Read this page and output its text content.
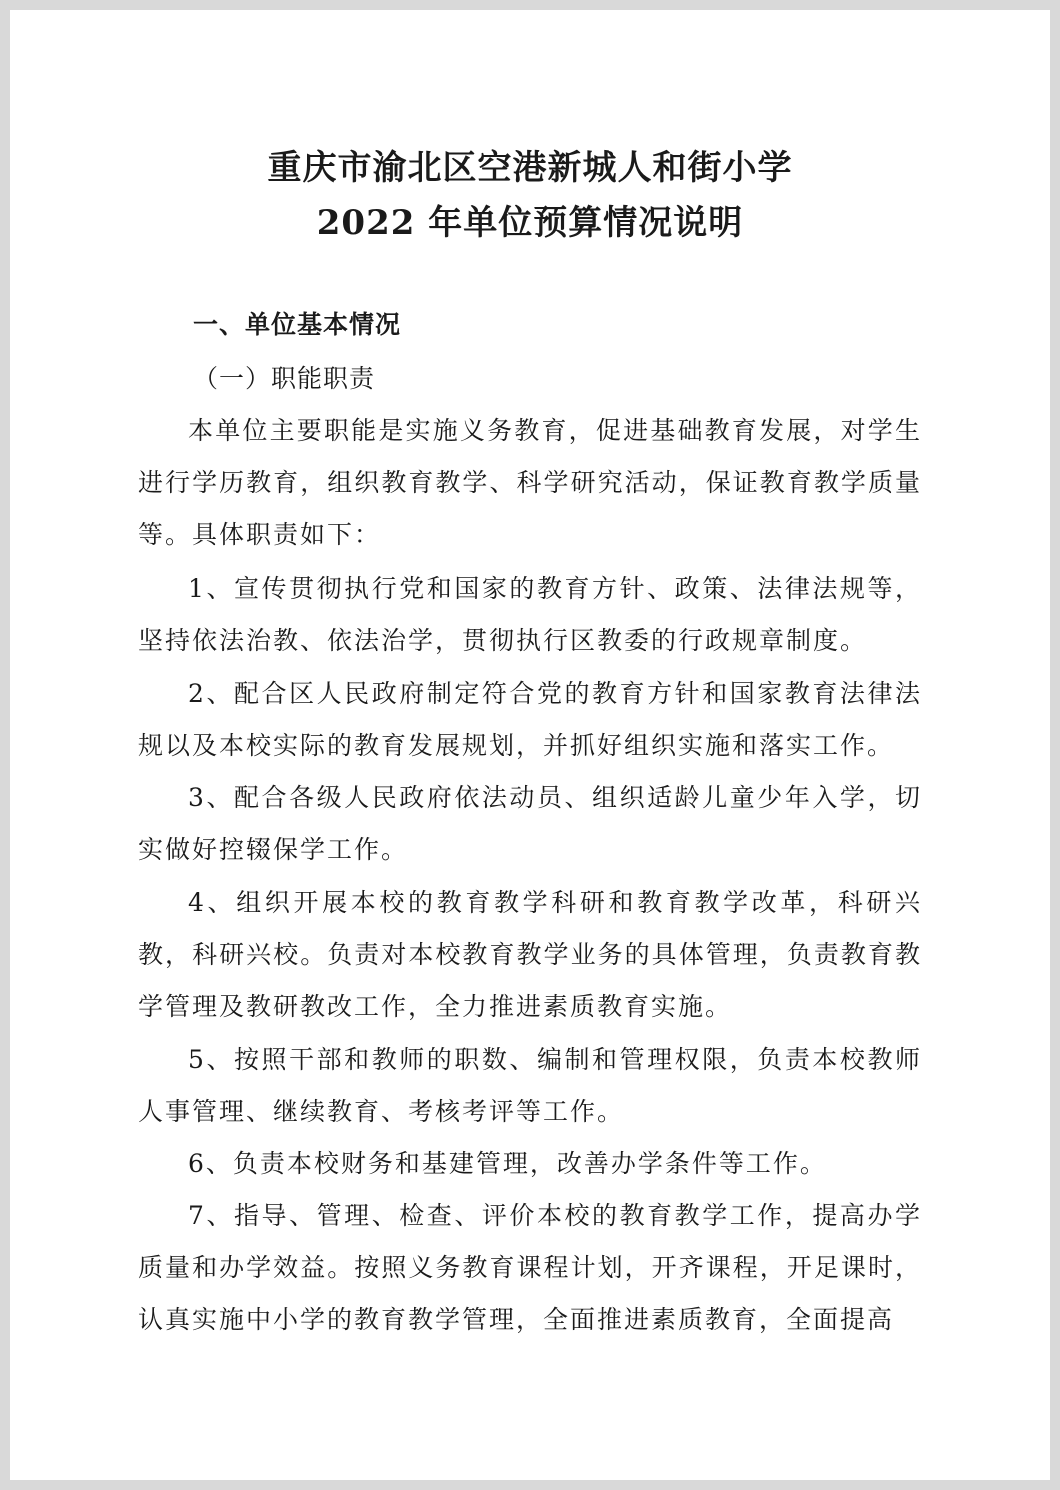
重庆市渝北区空港新城人和街小学
2022 年单位预算情况说明
一、单位基本情况
（一）职能职责

本单位主要职能是实施义务教育，促进基础教育发展，对学生进行学历教育，组织教育教学、科学研究活动，保证教育教学质量等。具体职责如下：

1、宣传贯彻执行党和国家的教育方针、政策、法律法规等，坚持依法治教、依法治学，贯彻执行区教委的行政规章制度。

2、配合区人民政府制定符合党的教育方针和国家教育法律法规以及本校实际的教育发展规划，并抓好组织实施和落实工作。

3、配合各级人民政府依法动员、组织适龄儿童少年入学，切实做好控辍保学工作。

4、组织开展本校的教育教学科研和教育教学改革，科研兴教，科研兴校。负责对本校教育教学业务的具体管理，负责教育教学管理及教研教改工作，全力推进素质教育实施。

5、按照干部和教师的职数、编制和管理权限，负责本校教师人事管理、继续教育、考核考评等工作。

6、负责本校财务和基建管理，改善办学条件等工作。

7、指导、管理、检查、评价本校的教育教学工作，提高办学质量和办学效益。按照义务教育课程计划，开齐课程，开足课时，认真实施中小学的教育教学管理，全面推进素质教育，全面提高
